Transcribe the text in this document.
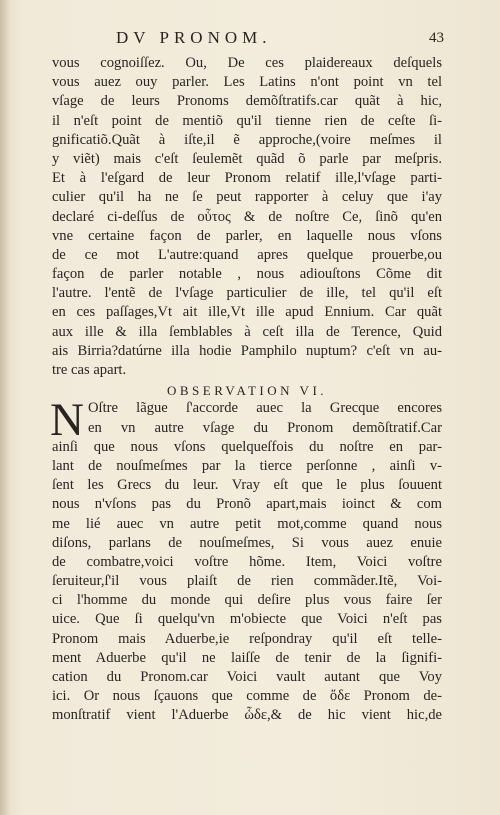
DV PRONOM.	43
vous cognoiſſez. Ou, De ces plaidereaux deſquels
vous auez ouy parler. Les Latins n'ont point vn tel
vſage de leurs Pronoms demõſtratifs.car quãt à hic,
il n'eſt point de mentiõ qu'il tienne rien de ceſte ſi-
gnificatiõ.Quãt à iſte,il ẽ approche,(voire meſmes il
y viẽt) mais c'eſt ſeulemẽt quãd õ parle par meſpris.
Et à l'eſgard de leur Pronom relatif ille,l'vſage parti-
culier qu'il ha ne ſe peut rapporter à celuy que i'ay
declaré ci-deſſus de οὗτος & de noſtre Ce, ſinõ qu'en
vne certaine façon de parler, en laquelle nous vſons
de ce mot L'autre:quand apres quelque prouerbe,ou
façon de parler notable , nous adiouſtons Cõme dit
l'autre. l'entẽ de l'vſage particulier de ille, tel qu'il eſt
en ces paſſages,Vt ait ille,Vt ille apud Ennium. Car quãt
aux ille & illa ſemblables à ceſt illa de Terence, Quid
ais Birria?datúrne illa hodie Pamphilo nuptum? c'eſt vn au-
tre cas apart.
OBSERVATION VI.
N Oſtre lãgue ſ'accorde auec la Grecque encores
en vn autre vſage du Pronom demõſtratif.Car
ainſi que nous vſons quelqueſfois du noſtre en par-
lant de nouſmeſmes par la tierce perſonne , ainſi v-
ſent les Grecs du leur. Vray eſt que le plus ſouuent
nous n'vſons pas du Pronõ apart,mais ioinct & com
me lié auec vn autre petit mot,comme quand nous
diſons, parlans de nouſmeſmes, Si vous auez enuie
de combatre,voici voſtre hõme. Item, Voici voſtre
ſeruiteur,ſ'il vous plaiſt de rien commãder.Itẽ, Voi-
ci l'homme du monde qui deſire plus vous faire ſer
uice. Que ſi quelqu'vn m'obiecte que Voici n'eſt pas
Pronom mais Aduerbe,ie reſpondray qu'il eſt telle-
ment Aduerbe qu'il ne laiſſe de tenir de la ſignifi-
cation du Pronom.car Voici vault autant que Voy
ici. Or nous ſçauons que comme de ὅδε Pronom de-
monſtratif vient l'Aduerbe ὧδε,& de hic vient hic,de
